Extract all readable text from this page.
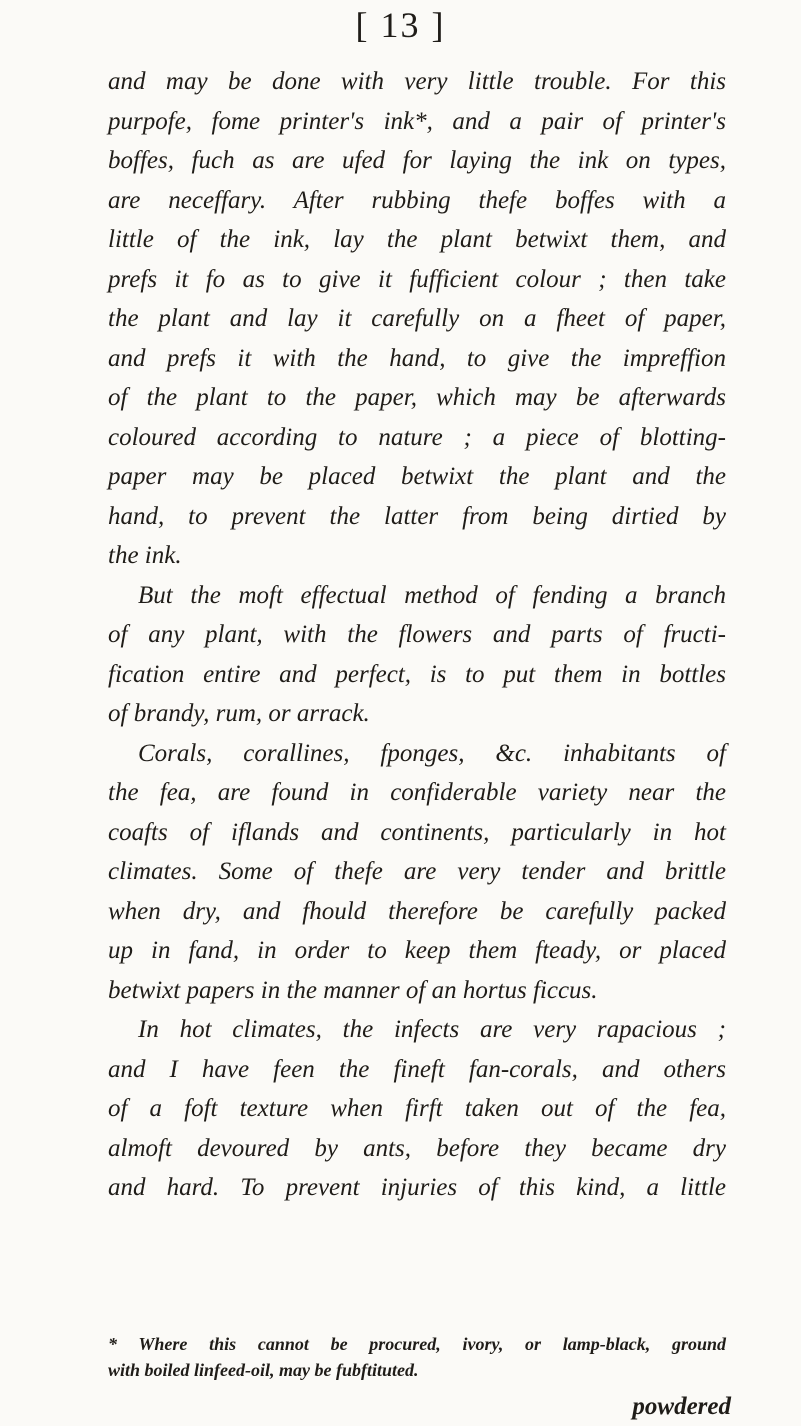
[ 13 ]
and may be done with very little trouble. For this
purpofe, fome printer's ink*, and a pair of printer's
boffes, fuch as are ufed for laying the ink on types,
are neceffary. After rubbing thefe boffes with a
little of the ink, lay the plant betwixt them, and
prefs it fo as to give it fufficient colour ; then take
the plant and lay it carefully on a fheet of paper,
and prefs it with the hand, to give the impreffion
of the plant to the paper, which may be afterwards
coloured according to nature ; a piece of blotting-
paper may be placed betwixt the plant and the
hand, to prevent the latter from being dirtied by
the ink.
But the moft effectual method of fending a branch
of any plant, with the flowers and parts of fructi-
fication entire and perfect, is to put them in bottles
of brandy, rum, or arrack.
Corals, corallines, fponges, &c. inhabitants of
the fea, are found in confiderable variety near the
coafts of iflands and continents, particularly in hot
climates. Some of thefe are very tender and brittle
when dry, and fhould therefore be carefully packed
up in fand, in order to keep them fteady, or placed
betwixt papers in the manner of an hortus ficcus.
In hot climates, the infects are very rapacious ;
and I have feen the fineft fan-corals, and others
of a foft texture when firft taken out of the fea,
almoft devoured by ants, before they became dry
and hard. To prevent injuries of this kind, a little
* Where this cannot be procured, ivory, or lamp-black, ground
with boiled linfeed-oil, may be fubftituted.
powdered
